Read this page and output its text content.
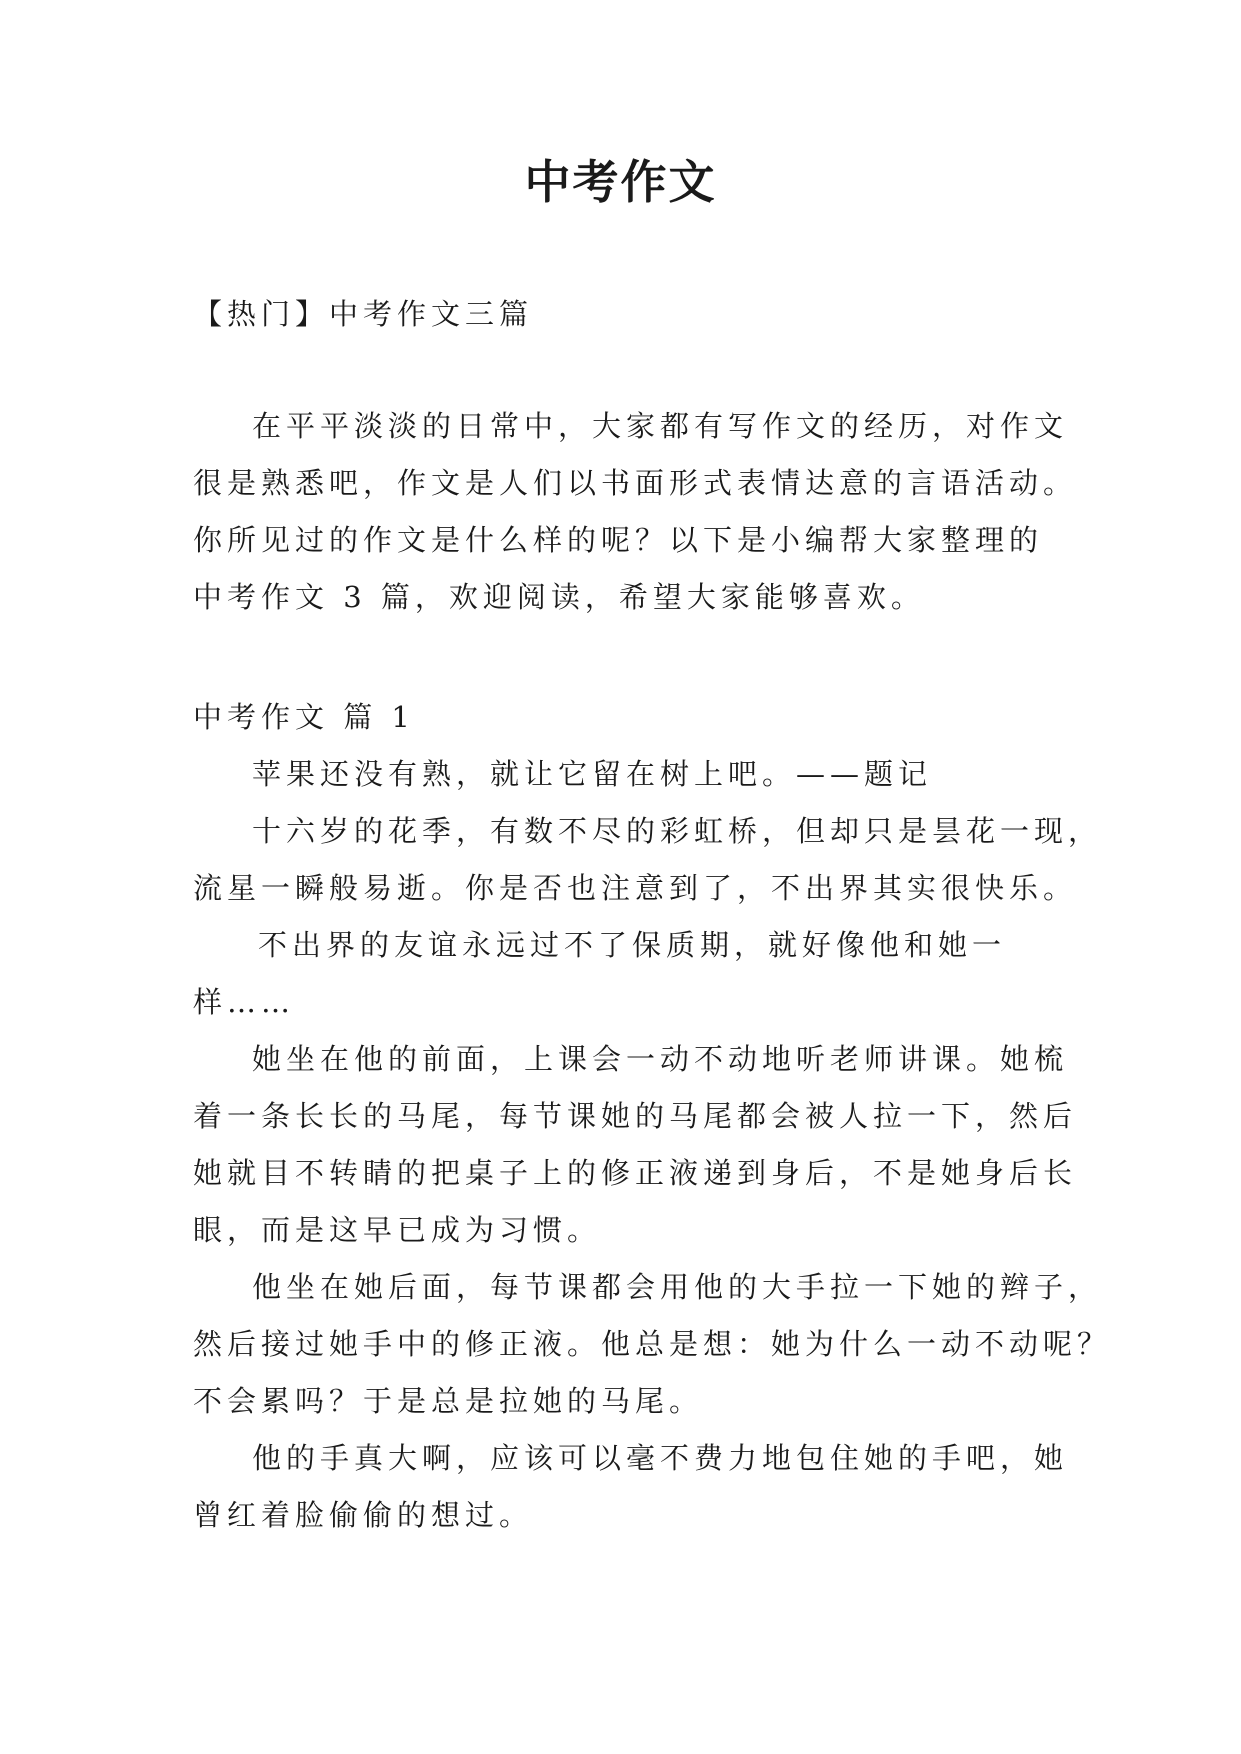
中考作文
【热门】中考作文三篇
在平平淡淡的日常中，大家都有写作文的经历，对作文
很是熟悉吧，作文是人们以书面形式表情达意的言语活动。
你所见过的作文是什么样的呢？以下是小编帮大家整理的
中考作文 3 篇，欢迎阅读，希望大家能够喜欢。
中考作文 篇 1
苹果还没有熟，就让它留在树上吧。——题记
十六岁的花季，有数不尽的彩虹桥，但却只是昙花一现，
流星一瞬般易逝。你是否也注意到了，不出界其实很快乐。
不出界的友谊永远过不了保质期，就好像他和她一
样……
她坐在他的前面，上课会一动不动地听老师讲课。她梳
着一条长长的马尾，每节课她的马尾都会被人拉一下，然后
她就目不转睛的把桌子上的修正液递到身后，不是她身后长
眼，而是这早已成为习惯。
他坐在她后面，每节课都会用他的大手拉一下她的辫子，
然后接过她手中的修正液。他总是想：她为什么一动不动呢？
不会累吗？于是总是拉她的马尾。
他的手真大啊，应该可以毫不费力地包住她的手吧，她
曾红着脸偷偷的想过。
